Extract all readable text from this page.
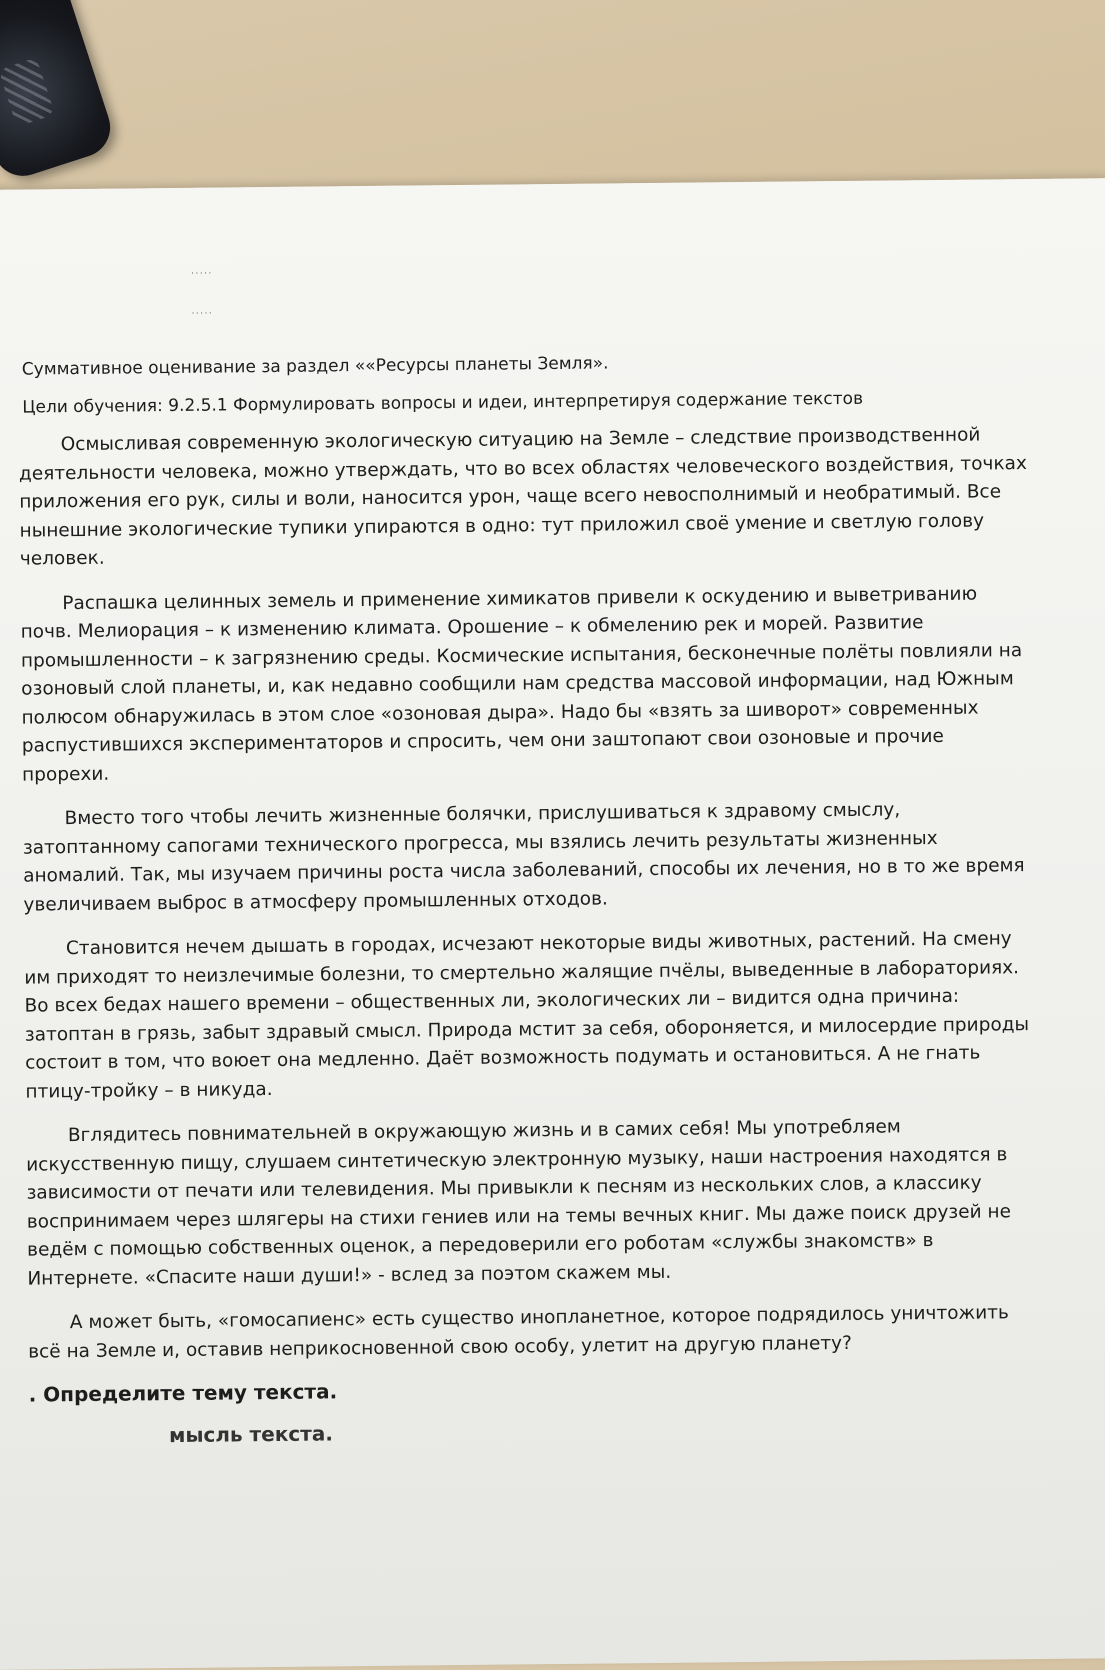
·····
·····
Суммативное оценивание за раздел ««Ресурсы планеты Земля».
Цели обучения: 9.2.5.1 Формулировать вопросы и идеи, интерпретируя содержание текстов

Осмысливая современную экологическую ситуацию на Земле – следствие производственной деятельности человека, можно утверждать, что во всех областях человеческого воздействия, точках приложения его рук, силы и воли, наносится урон, чаще всего невосполнимый и необратимый. Все нынешние экологические тупики упираются в одно: тут приложил своё умение и светлую голову человек.

Распашка целинных земель и применение химикатов привели к оскудению и выветриванию почв. Мелиорация – к изменению климата. Орошение – к обмелению рек и морей. Развитие промышленности – к загрязнению среды. Космические испытания, бесконечные полёты повлияли на озоновый слой планеты, и, как недавно сообщили нам средства массовой информации, над Южным полюсом обнаружилась в этом слое «озоновая дыра». Надо бы «взять за шиворот» современных распустившихся экспериментаторов и спросить, чем они заштопают свои озоновые и прочие прорехи.

Вместо того чтобы лечить жизненные болячки, прислушиваться к здравому смыслу, затоптанному сапогами технического прогресса, мы взялись лечить результаты жизненных аномалий. Так, мы изучаем причины роста числа заболеваний, способы их лечения, но в то же время увеличиваем выброс в атмосферу промышленных отходов.

Становится нечем дышать в городах, исчезают некоторые виды животных, растений. На смену им приходят то неизлечимые болезни, то смертельно жалящие пчёлы, выведенные в лабораториях. Во всех бедах нашего времени – общественных ли, экологических ли – видится одна причина: затоптан в грязь, забыт здравый смысл. Природа мстит за себя, обороняется, и милосердие природы состоит в том, что воюет она медленно. Даёт возможность подумать и остановиться. А не гнать птицу-тройку – в никуда.

Вглядитесь повнимательней в окружающую жизнь и в самих себя! Мы употребляем искусственную пищу, слушаем синтетическую электронную музыку, наши настроения находятся в зависимости от печати или телевидения. Мы привыкли к песням из нескольких слов, а классику воспринимаем через шлягеры на стихи гениев или на темы вечных книг. Мы даже поиск друзей не ведём с помощью собственных оценок, а передоверили его роботам «службы знакомств» в Интернете. «Спасите наши души!» - вслед за поэтом скажем мы.

А может быть, «гомосапиенс» есть существо инопланетное, которое подрядилось уничтожить всё на Земле и, оставив неприкосновенной свою особу, улетит на другую планету?

. Определите тему текста.
мысль текста.
